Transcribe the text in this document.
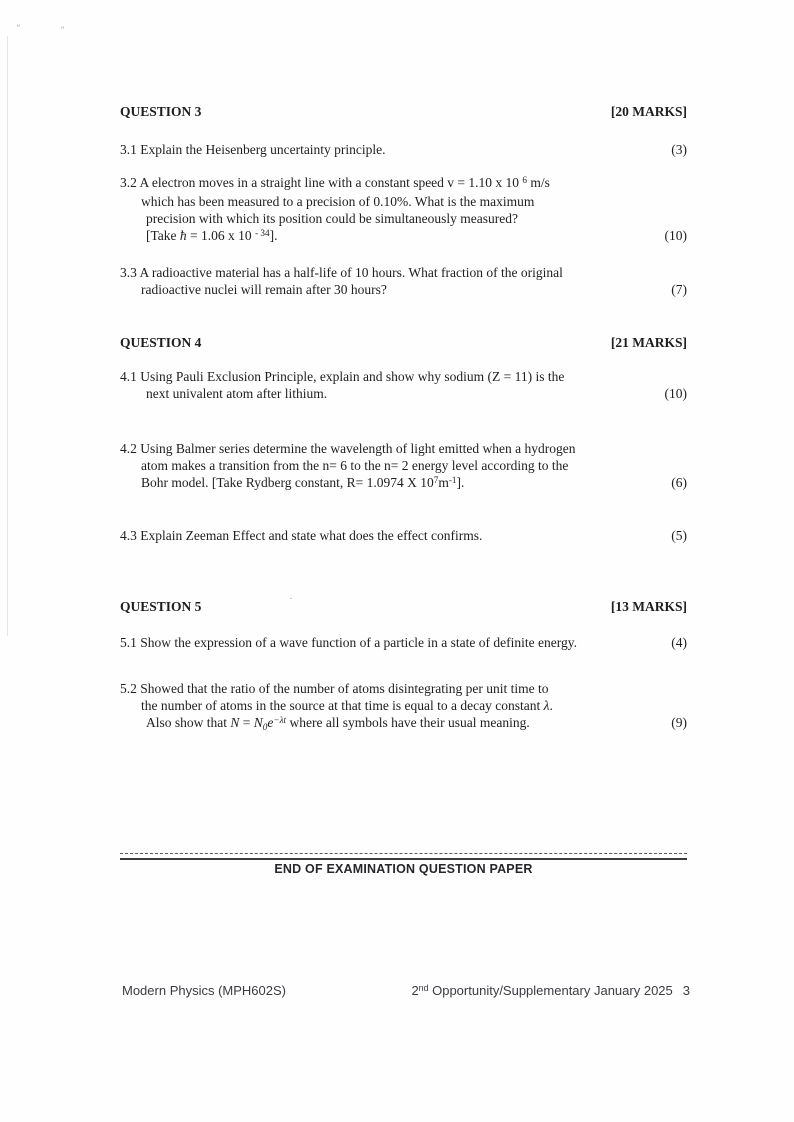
ʺ	ʺ
.
QUESTION 3	[20 MARKS]
3.1 Explain the Heisenberg uncertainty principle.	(3)
3.2 A electron moves in a straight line with a constant speed v = 1.10 x 10 $^6$ m/s
which has been measured to a precision of 0.10%. What is the maximum
precision with which its position could be simultaneously measured?
[Take ħ = 1.06 x 10 $^{- 34}$].	(10)
3.3 A radioactive material has a half-life of 10 hours. What fraction of the original
radioactive nuclei will remain after 30 hours?	(7)
QUESTION 4	[21 MARKS]
4.1 Using Pauli Exclusion Principle, explain and show why sodium (Z = 11) is the
next univalent atom after lithium.	(10)
4.2 Using Balmer series determine the wavelength of light emitted when a hydrogen
atom makes a transition from the n= 6 to the n= 2 energy level according to the
Bohr model. [Take Rydberg constant, R= 1.0974 X $10^7m^{-1}$].	(6)
4.3 Explain Zeeman Effect and state what does the effect confirms.	(5)
QUESTION 5	[13 MARKS]
5.1 Show the expression of a wave function of a particle in a state of definite energy.	(4)
5.2 Showed that the ratio of the number of atoms disintegrating per unit time to
the number of atoms in the source at that time is equal to a decay constant λ.
Also show that $N = N0e^{-\lambda t}$ where all symbols have their usual meaning.	(9)
END OF EXAMINATION QUESTION PAPER
Modern Physics (MPH602S)	2nd Opportunity/Supplementary January 2025 3
